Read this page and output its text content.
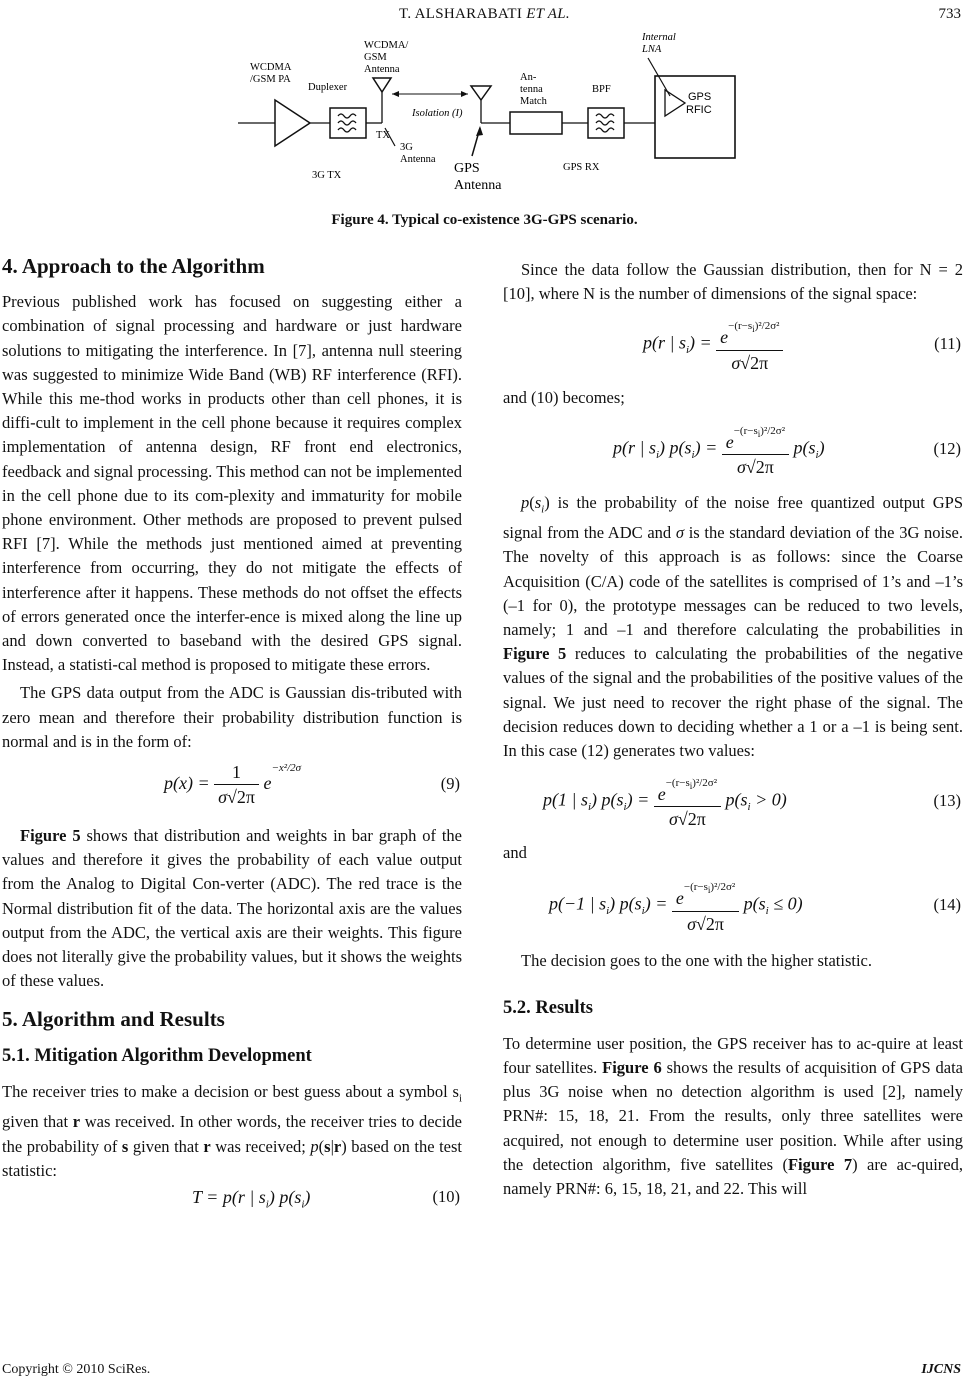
T. ALSHARABATI ET AL.	733
WCDMA /GSM PA
Duplexer
WCDMA/ GSM Antenna
TX
Isolation (I)
3G Antenna
GPS Antenna
An-tenna Match
BPF
Internal LNA
GPS RFIC
3G TX
GPS RX
Figure 4. Typical co-existence 3G-GPS scenario.
4. Approach to the Algorithm

Previous published work has focused on suggesting either a combination of signal processing and hardware or just hardware solutions to mitigating the interference. In [7], antenna null steering was suggested to minimize Wide Band (WB) RF interference (RFI). While this me-thod works in products other than cell phones, it is diffi-cult to implement in the cell phone because it requires complex implementation of antenna design, RF front end electronics, feedback and signal processing. This method can not be implemented in the cell phone due to its com-plexity and immaturity for mobile phone environment. Other methods are proposed to prevent pulsed RFI [7]. While the methods just mentioned aimed at preventing interference from occurring, they do not mitigate the effects of interference after it happens. These methods do not offset the effects of errors generated once the interfer-ence is mixed along the line up and down converted to baseband with the desired GPS signal. Instead, a statisti-cal method is proposed to mitigate these errors.

The GPS data output from the ADC is Gaussian dis-tributed with zero mean and therefore their probability distribution function is normal and is in the form of:

$p(x) = \frac{1}{\sigma√2\pi} e^{-x^2/2\sigma}$
(9)

Figure 5 shows that distribution and weights in bar graph of the values and therefore it gives the probability of each value output from the Analog to Digital Con-verter (ADC). The red trace is the Normal distribution fit of the data. The horizontal axis are the values output from the ADC, the vertical axis are their weights. This figure does not literally give the probability values, but it shows the weights of these values.

5. Algorithm and Results
5.1. Mitigation Algorithm Development

The receiver tries to make a decision or best guess about a symbol $s_i$ given that r was received. In other words, the receiver tries to decide the probability of s given that r was received; p(s|r) based on the test statistic:

T = p(r | $s_i$) $p(s_i)$	(10)

Since the data follow the Gaussian distribution, then for N = 2 [10], where N is the number of dimensions of the signal space:

p(r | $s_i) = \frac{e^{-(r-s_i)^2/2\sigma^2}}{\sigma√2\pi}$	(11)

and (10) becomes;

p(r | $s_i$) $p(s_i) = \frac{e^{-(r-s_i)^2/2\sigma^2}}{\sigma√2\pi} p(s_i)$	(12)

$p(s_i)$ is the probability of the noise free quantized output GPS signal from the ADC and σ is the standard deviation of the 3G noise. The novelty of this approach is as follows: since the Coarse Acquisition (C/A) code of the satellites is comprised of 1’s and –1’s (–1 for 0), the prototype messages can be reduced to two levels, namely; 1 and –1 and therefore calculating the probabilities in Figure 5 reduces to calculating the probabilities of the negative values of the signal and the probabilities of the positive values of the signal. We just need to recover the right phase of the signal. The decision reduces down to deciding whether a 1 or a –1 is being sent. In this case (12) generates two values:

p(1 | $s_i$) $p(s_i) = \frac{e^{-(r-s_i)^2/2\sigma^2}}{\sigma√2\pi} p(s_i > 0)$	(13)

and

p(−1 | $s_i$) $p(s_i) = \frac{e^{-(r-s_i)^2/2\sigma^2}}{\sigma√2\pi} p(s_i \le 0)$	(14)

The decision goes to the one with the higher statistic.

5.2. Results

To determine user position, the GPS receiver has to ac-quire at least four satellites. Figure 6 shows the results of acquisition of GPS data plus 3G noise when no detection algorithm is used [2], namely PRN#: 15, 18, 21. From the results, only three satellites were acquired, not enough to determine user position. While after using the detection algorithm, five satellites (Figure 7) are ac-quired, namely PRN#: 6, 15, 18, 21, and 22. This will

Copyright © 2010 SciRes.	IJCNS
